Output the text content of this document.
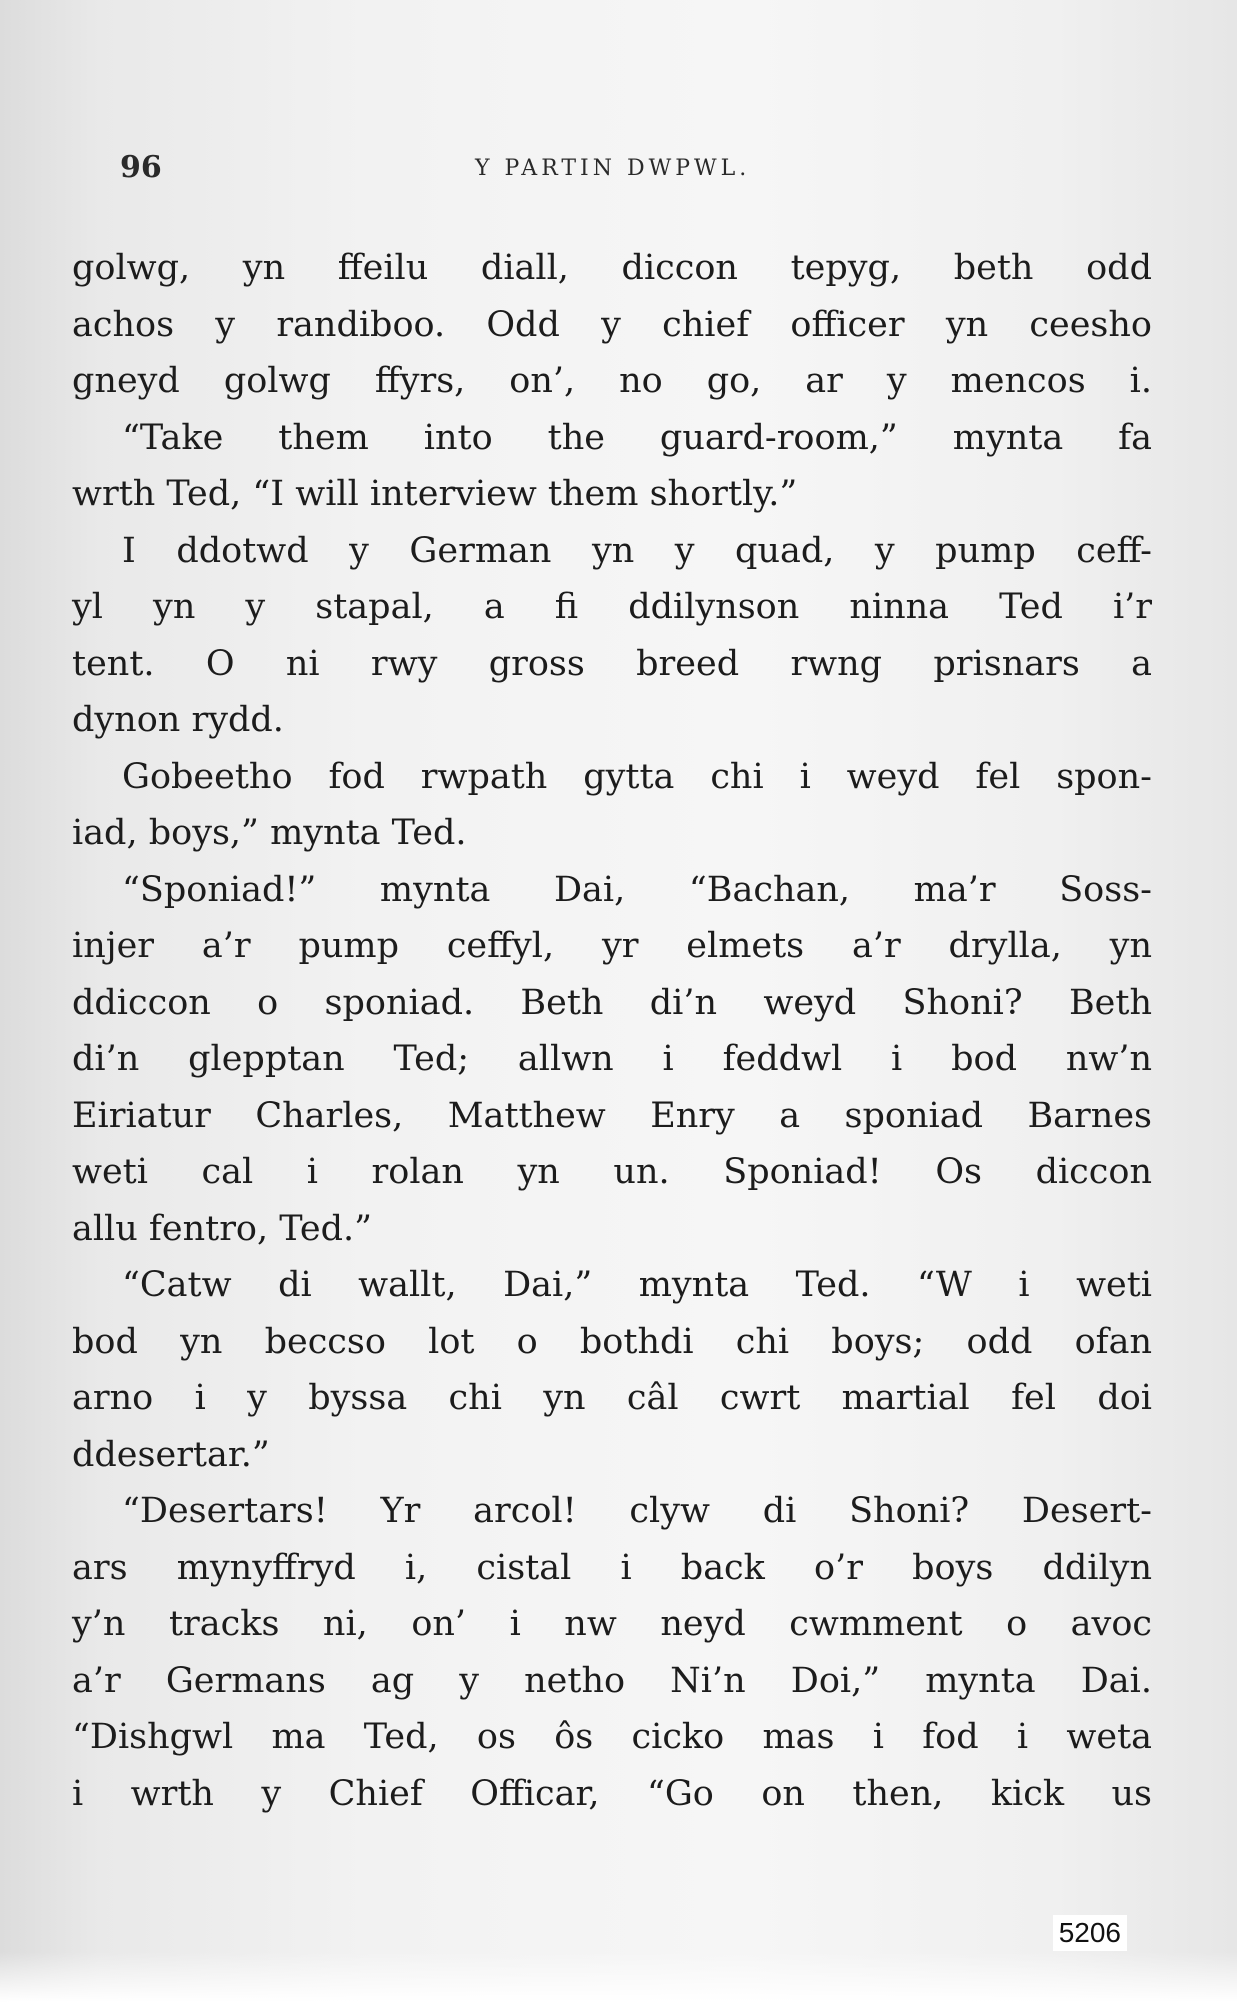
96	Y PARTIN DWPWL.
golwg, yn ffeilu diall, diccon tepyg, beth odd
achos y randiboo. Odd y chief officer yn ceesho
gneyd golwg ffyrs, on’, no go, ar y mencos i.
“Take them into the guard-room,” mynta fa
wrth Ted, “I will interview them shortly.”
I ddotwd y German yn y quad, y pump ceff-
yl yn y stapal, a fi ddilynson ninna Ted i’r
tent. O ni rwy gross breed rwng prisnars a
dynon rydd.
Gobeetho fod rwpath gytta chi i weyd fel spon-
iad, boys,” mynta Ted.
“Sponiad!” mynta Dai, “Bachan, ma’r Soss-
injer a’r pump ceffyl, yr elmets a’r drylla, yn
ddiccon o sponiad. Beth di’n weyd Shoni? Beth
di’n glepptan Ted; allwn i feddwl i bod nw’n
Eiriatur Charles, Matthew Enry a sponiad Barnes
weti cal i rolan yn un. Sponiad! Os diccon
allu fentro, Ted.”
“Catw di wallt, Dai,” mynta Ted. “W i weti
bod yn beccso lot o bothdi chi boys; odd ofan
arno i y byssa chi yn câl cwrt martial fel doi
ddesertar.”
“Desertars! Yr arcol! clyw di Shoni? Desert-
ars mynyffryd i, cistal i back o’r boys ddilyn
y’n tracks ni, on’ i nw neyd cwmment o avoc
a’r Germans ag y netho Ni’n Doi,” mynta Dai.
“Dishgwl ma Ted, os ôs cicko mas i fod i weta
i wrth y Chief Officar, “Go on then, kick us
5206
